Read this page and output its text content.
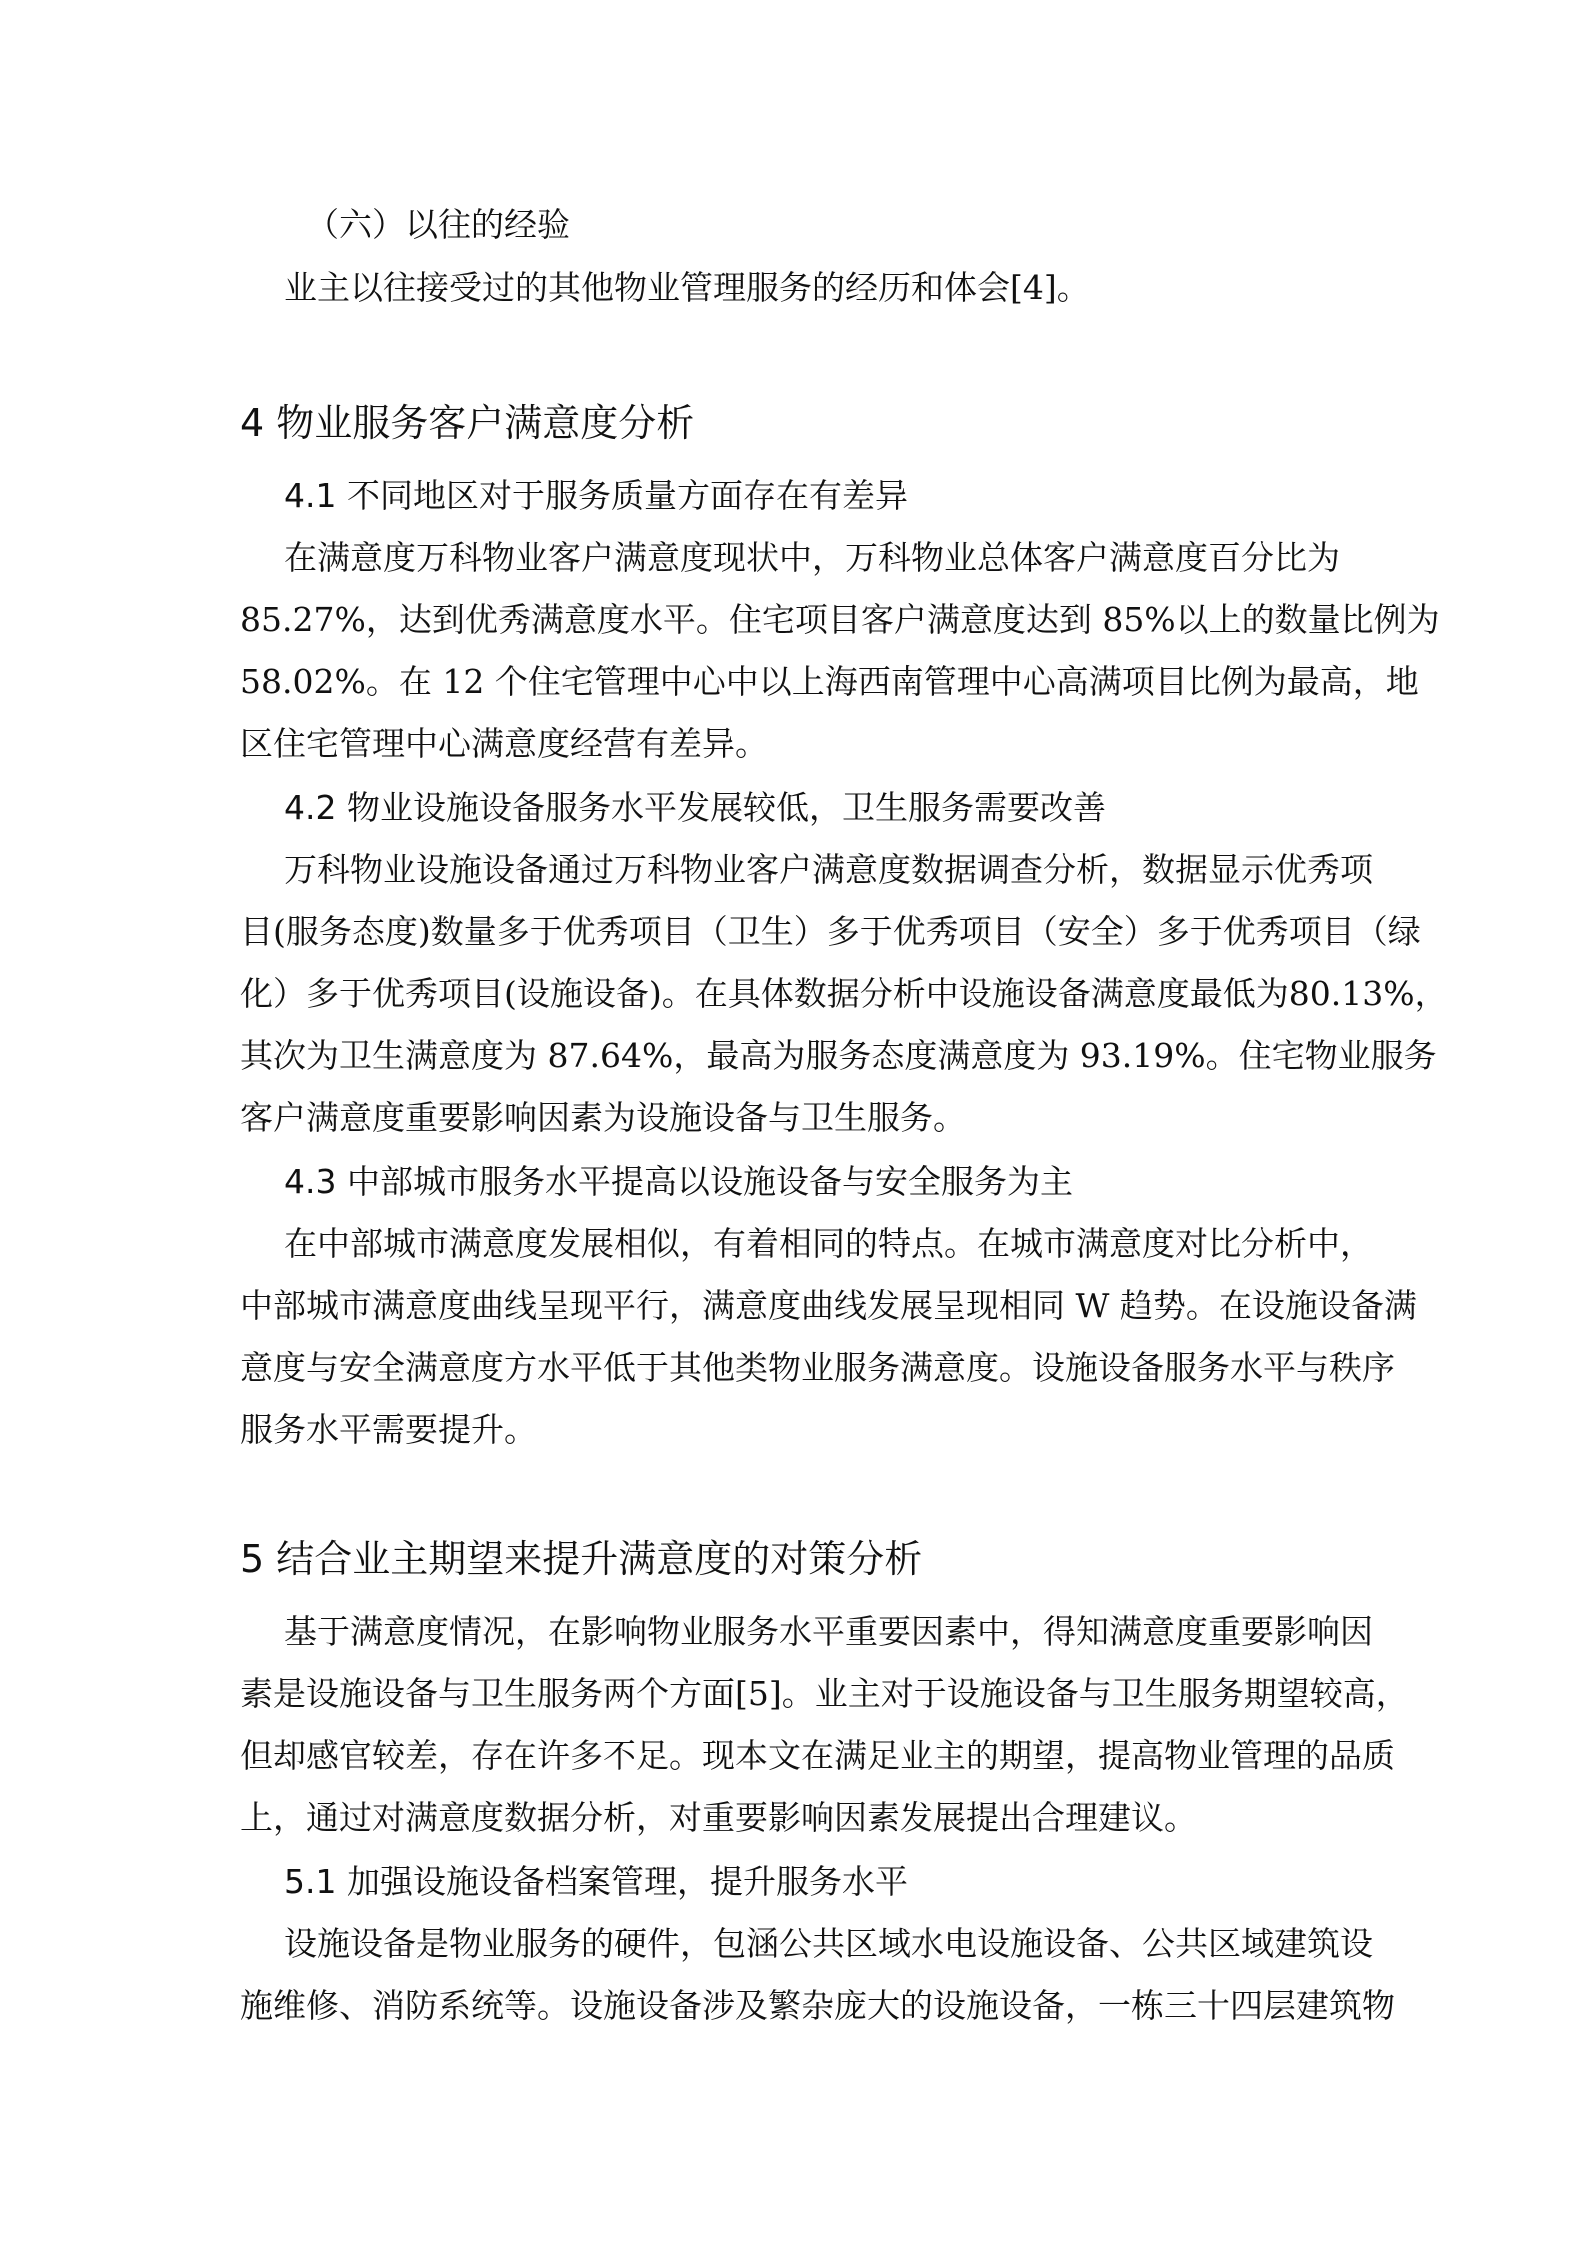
（六）以往的经验
业主以往接受过的其他物业管理服务的经历和体会[4]。
4 物业服务客户满意度分析
4.1 不同地区对于服务质量方面存在有差异
在满意度万科物业客户满意度现状中，万科物业总体客户满意度百分比为
85.27%，达到优秀满意度水平。住宅项目客户满意度达到 85%以上的数量比例为
58.02%。在 12 个住宅管理中心中以上海西南管理中心高满项目比例为最高，地
区住宅管理中心满意度经营有差异。
4.2 物业设施设备服务水平发展较低，卫生服务需要改善
万科物业设施设备通过万科物业客户满意度数据调查分析，数据显示优秀项
目(服务态度)数量多于优秀项目（卫生）多于优秀项目（安全）多于优秀项目（绿
化）多于优秀项目(设施设备)。在具体数据分析中设施设备满意度最低为80.13%，
其次为卫生满意度为 87.64%，最高为服务态度满意度为 93.19%。住宅物业服务
客户满意度重要影响因素为设施设备与卫生服务。
4.3 中部城市服务水平提高以设施设备与安全服务为主
在中部城市满意度发展相似，有着相同的特点。在城市满意度对比分析中，
中部城市满意度曲线呈现平行，满意度曲线发展呈现相同 W 趋势。在设施设备满
意度与安全满意度方水平低于其他类物业服务满意度。设施设备服务水平与秩序
服务水平需要提升。
5 结合业主期望来提升满意度的对策分析
基于满意度情况，在影响物业服务水平重要因素中，得知满意度重要影响因
素是设施设备与卫生服务两个方面[5]。业主对于设施设备与卫生服务期望较高，
但却感官较差，存在许多不足。现本文在满足业主的期望，提高物业管理的品质
上，通过对满意度数据分析，对重要影响因素发展提出合理建议。
5.1 加强设施设备档案管理，提升服务水平
设施设备是物业服务的硬件，包涵公共区域水电设施设备、公共区域建筑设
施维修、消防系统等。设施设备涉及繁杂庞大的设施设备，一栋三十四层建筑物
